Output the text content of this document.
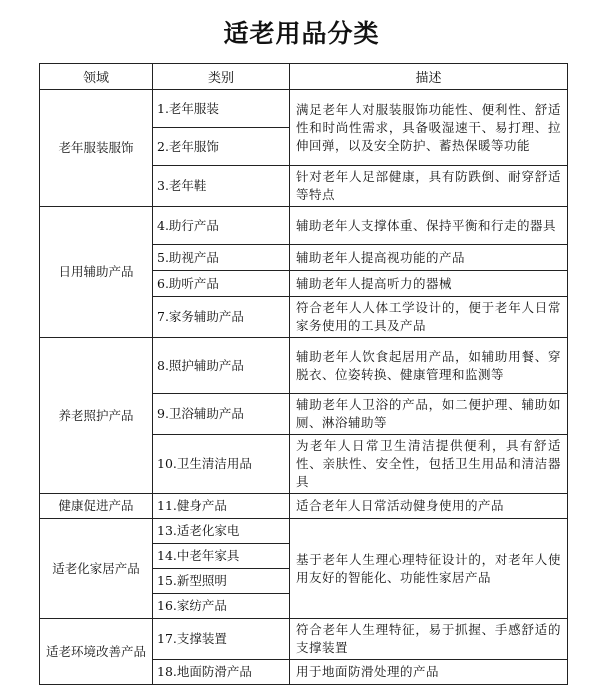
适老用品分类
领域	类别	描述
老年服装服饰	1.老年服装	满足老年人对服装服饰功能性、便利性、舒适性和时尚性需求，具备吸湿速干、易打理、拉伸回弹，以及安全防护、蓄热保暖等功能
	2.老年服饰	
	3.老年鞋	针对老年人足部健康，具有防跌倒、耐穿舒适等特点
日用辅助产品	4.助行产品	辅助老年人支撑体重、保持平衡和行走的器具
	5.助视产品	辅助老年人提高视功能的产品
	6.助听产品	辅助老年人提高听力的器械
	7.家务辅助产品	符合老年人人体工学设计的，便于老年人日常家务使用的工具及产品
养老照护产品	8.照护辅助产品	辅助老年人饮食起居用产品，如辅助用餐、穿脱衣、位姿转换、健康管理和监测等
	9.卫浴辅助产品	辅助老年人卫浴的产品，如二便护理、辅助如厕、淋浴辅助等
	10.卫生清洁用品	为老年人日常卫生清洁提供便利，具有舒适性、亲肤性、安全性，包括卫生用品和清洁器具
健康促进产品	11.健身产品	适合老年人日常活动健身使用的产品
适老化家居产品	13.适老化家电	基于老年人生理心理特征设计的，对老年人使用友好的智能化、功能性家居产品
	14.中老年家具	
	15.新型照明	
	16.家纺产品	
适老环境改善产品	17.支撑装置	符合老年人生理特征，易于抓握、手感舒适的支撑装置
	18.地面防滑产品	用于地面防滑处理的产品
